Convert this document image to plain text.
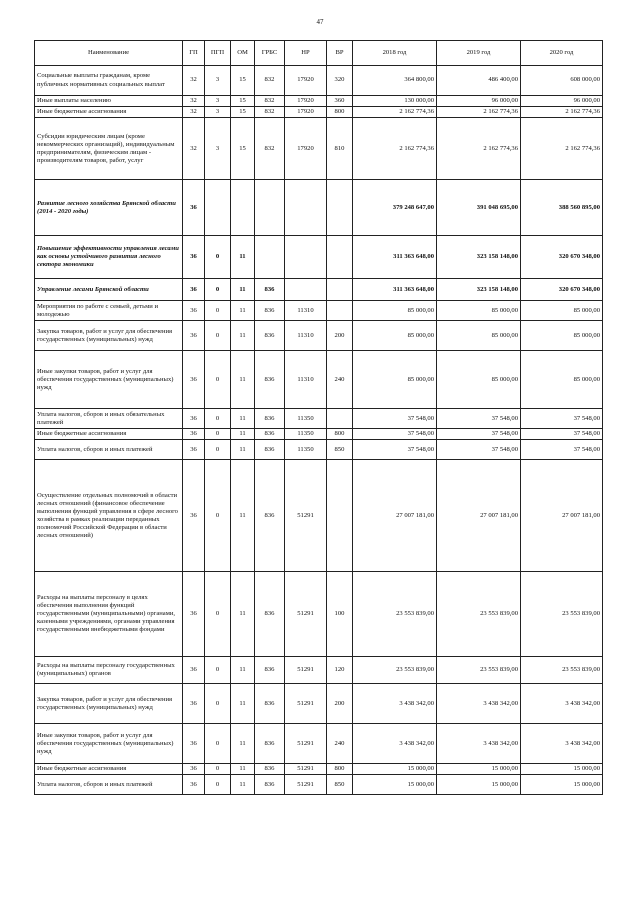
47
Наименование	ГП	ПГП	ОМ	ГРБС	НР	ВР	2018 год	2019 год	2020 год
Социальные выплаты гражданам, кроме публичных нормативных социальных выплат	32	3	15	832	17920	320	364 800,00	486 400,00	608 000,00
Иные выплаты населению	32	3	15	832	17920	360	130 000,00	96 000,00	96 000,00
Иные бюджетные ассигнования	32	3	15	832	17920	800	2 162 774,36	2 162 774,36	2 162 774,36
Субсидии юридическим лицам (кроме некоммерческих организаций), индивидуальным предпринимателям, физическим лицам - производителям товаров, работ, услуг	32	3	15	832	17920	810	2 162 774,36	2 162 774,36	2 162 774,36
Развитие лесного хозяйства Брянской области (2014 - 2020 годы)	36						379 248 647,00	391 048 695,00	388 560 895,00
Повышение эффективности управления лесами как основы устойчивого развития лесного сектора экономики	36	0	11				311 363 648,00	323 158 148,00	320 670 348,00
Управление лесами Брянской области	36	0	11	836			311 363 648,00	323 158 148,00	320 670 348,00
Мероприятия по работе с семьей, детьми и молодежью	36	0	11	836	11310		85 000,00	85 000,00	85 000,00
Закупка товаров, работ и услуг для обеспечения государственных (муниципальных) нужд	36	0	11	836	11310	200	85 000,00	85 000,00	85 000,00
Иные закупки товаров, работ и услуг для обеспечения государственных (муниципальных) нужд	36	0	11	836	11310	240	85 000,00	85 000,00	85 000,00
Уплата налогов, сборов и иных обязательных платежей	36	0	11	836	11350		37 548,00	37 548,00	37 548,00
Иные бюджетные ассигнования	36	0	11	836	11350	800	37 548,00	37 548,00	37 548,00
Уплата налогов, сборов и иных платежей	36	0	11	836	11350	850	37 548,00	37 548,00	37 548,00
Осуществление отдельных полномочий в области лесных отношений (финансовое обеспечение выполнения функций управления в сфере лесного хозяйства в рамках реализации переданных полномочий Российской Федерации в области лесных отношений)	36	0	11	836	51291		27 007 181,00	27 007 181,00	27 007 181,00
Расходы на выплаты персоналу в целях обеспечения выполнения функций государственными (муниципальными) органами, казенными учреждениями, органами управления государственными внебюджетными фондами	36	0	11	836	51291	100	23 553 839,00	23 553 839,00	23 553 839,00
Расходы на выплаты персоналу государственных (муниципальных) органов	36	0	11	836	51291	120	23 553 839,00	23 553 839,00	23 553 839,00
Закупка товаров, работ и услуг для обеспечения государственных (муниципальных) нужд	36	0	11	836	51291	200	3 438 342,00	3 438 342,00	3 438 342,00
Иные закупки товаров, работ и услуг для обеспечения государственных (муниципальных) нужд	36	0	11	836	51291	240	3 438 342,00	3 438 342,00	3 438 342,00
Иные бюджетные ассигнования	36	0	11	836	51291	800	15 000,00	15 000,00	15 000,00
Уплата налогов, сборов и иных платежей	36	0	11	836	51291	850	15 000,00	15 000,00	15 000,00
